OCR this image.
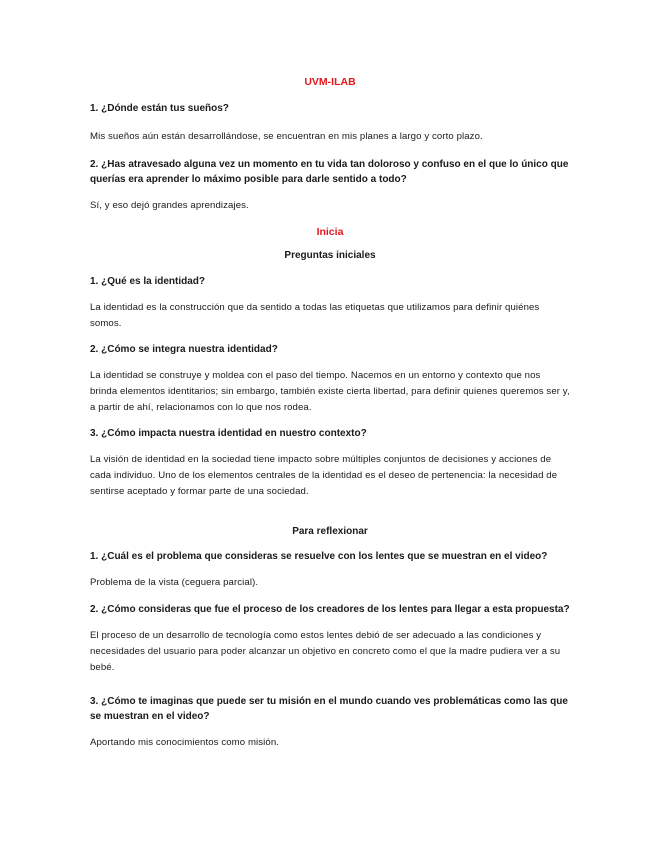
UVM-ILAB

1. ¿Dónde están tus sueños?

Mis sueños aún están desarrollándose, se encuentran en mis planes a largo y corto plazo.

2. ¿Has atravesado alguna vez un momento en tu vida tan doloroso y confuso en el que lo único que querías era aprender lo máximo posible para darle sentido a todo?

Sí, y eso dejó grandes aprendizajes.

Inicia

Preguntas iniciales

1. ¿Qué es la identidad?

La identidad es la construcción que da sentido a todas las etiquetas que utilizamos para definir quiénes somos.

2. ¿Cómo se integra nuestra identidad?

La identidad se construye y moldea con el paso del tiempo. Nacemos en un entorno y contexto que nos brinda elementos identitarios; sin embargo, también existe cierta libertad, para definir quienes queremos ser y, a partir de ahí, relacionamos con lo que nos rodea.

3. ¿Cómo impacta nuestra identidad en nuestro contexto?

La visión de identidad en la sociedad tiene impacto sobre múltiples conjuntos de decisiones y acciones de cada individuo. Uno de los elementos centrales de la identidad es el deseo de pertenencia: la necesidad de sentirse aceptado y formar parte de una sociedad.

Para reflexionar

1. ¿Cuál es el problema que consideras se resuelve con los lentes que se muestran en el video?

Problema de la vista (ceguera parcial).

2. ¿Cómo consideras que fue el proceso de los creadores de los lentes para llegar a esta propuesta?

El proceso de un desarrollo de tecnología como estos lentes debió de ser adecuado a las condiciones y necesidades del usuario para poder alcanzar un objetivo en concreto como el que la madre pudiera ver a su bebé.

3. ¿Cómo te imaginas que puede ser tu misión en el mundo cuando ves problemáticas como las que se muestran en el video?

Aportando mis conocimientos como misión.
